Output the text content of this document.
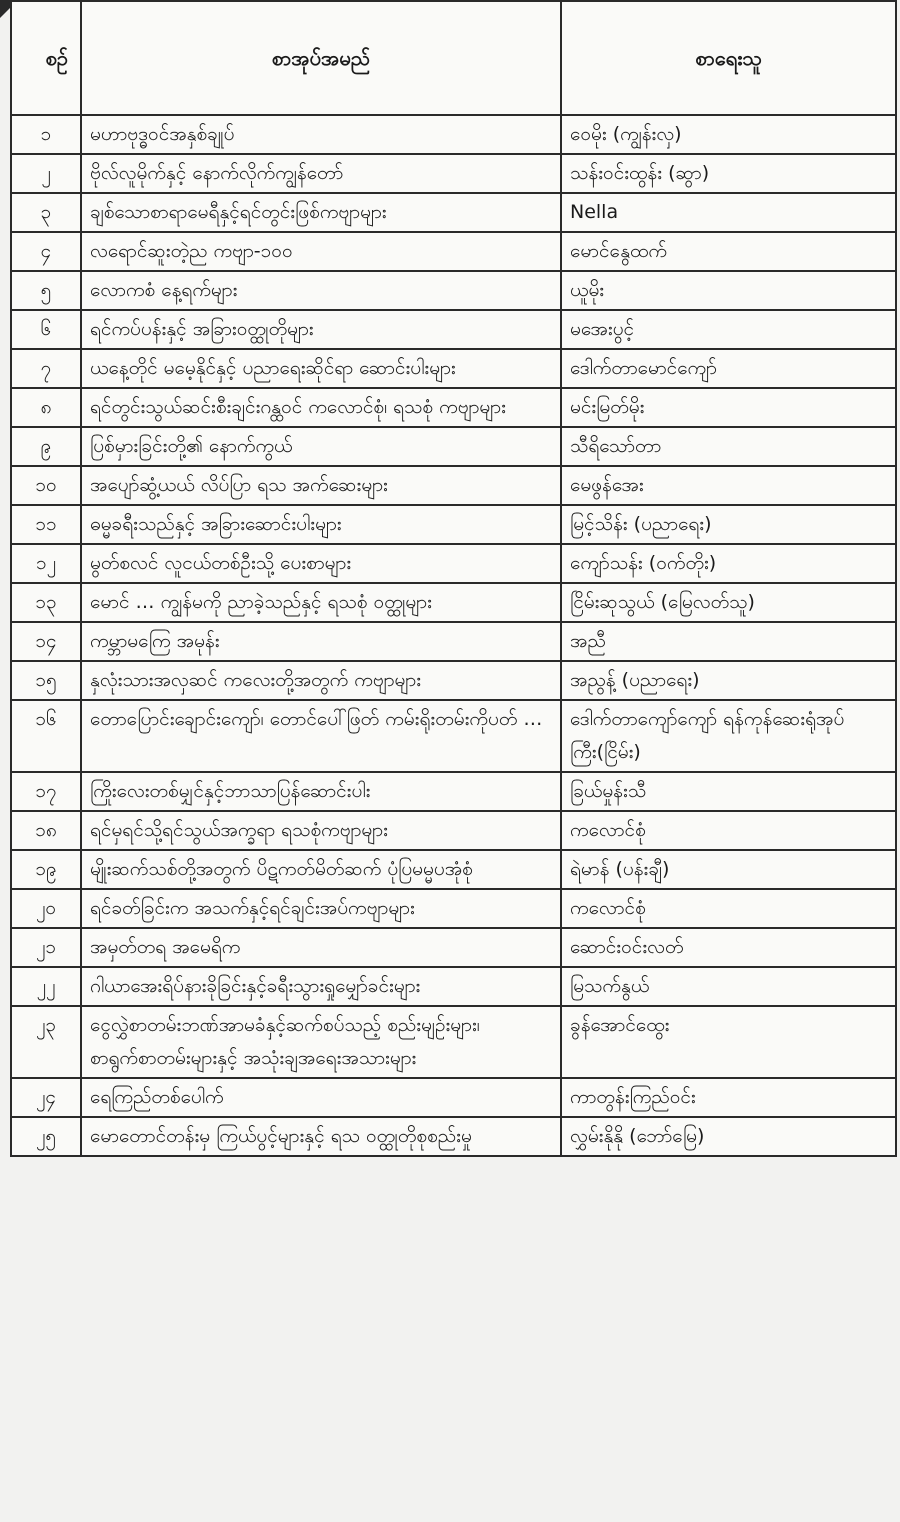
စဉ်	စာအုပ်အမည်	စာရေးသူ
၁	မဟာဗုဒ္ဓဝင်အနှစ်ချုပ်	ဝေမိုး (ကျွန်းလှ)
၂	ဗိုလ်လူမိုက်နှင့် နောက်လိုက်ကျွန်တော်	သန်းဝင်းထွန်း (ဆွာ)
၃	ချစ်သောစာရာမေရီနှင့်ရင်တွင်းဖြစ်ကဗျာများ	Nella
၄	လရောင်ဆူးတဲ့ည ကဗျာ-၁၀၀	မောင်နွေထက်
၅	လောကစံ နေ့ရက်များ	ယူမိုး
၆	ရင်ကပ်ပန်းနှင့် အခြားဝတ္ထုတိုများ	မအေးပွင့်
၇	ယနေ့တိုင် မမေ့နိုင်နှင့် ပညာရေးဆိုင်ရာ ဆောင်းပါးများ	ဒေါက်တာမောင်ကျော်
၈	ရင်တွင်းသွယ်ဆင်းစီးချင်းဂန္ထဝင် ကလောင်စုံ၊ ရသစုံ ကဗျာများ	မင်းမြတ်မိုး
၉	ပြစ်မှားခြင်းတို့၏ နောက်ကွယ်	သီရိသော်တာ
၁၀	အပျော်ဆွံ့ယယ် လိပ်ပြာ ရသ အက်ဆေးများ	မေဖွန်အေး
၁၁	ဓမ္မခရီးသည်နှင့် အခြားဆောင်းပါးများ	မြင့်သိန်း (ပညာရေး)
၁၂	မွတ်စလင် လူငယ်တစ်ဦးသို့ ပေးစာများ	ကျော်သန်း (ဝက်တိုး)
၁၃	မောင် … ကျွန်မကို ညာခဲ့သည်နှင့် ရသစုံ ဝတ္ထုများ	ငြိမ်းဆုသွယ် (မြေလတ်သူ)
၁၄	ကမ္ဘာမကြေ အမုန်း	အညီ
၁၅	နှလုံးသားအလှဆင် ကလေးတို့အတွက် ကဗျာများ	အညွန့် (ပညာရေး)
၁၆	တောပြောင်းချောင်းကျော်၊ တောင်ပေါ်ဖြတ် ကမ်းရိုးတမ်းကိုပတ် …	ဒေါက်တာကျော်ကျော် ရန်ကုန်ဆေးရုံအုပ်ကြီး(ငြိမ်း)
၁၇	ကြိုးလေးတစ်မျှင်နှင့်ဘာသာပြန်ဆောင်းပါး	ခြယ်မှုန်းသီ
၁၈	ရင်မှရင်သို့ရင်သွယ်အက္ခရာ ရသစုံကဗျာများ	ကလောင်စုံ
၁၉	မျိုးဆက်သစ်တို့အတွက် ပိဋကတ်မိတ်ဆက် ပုံပြမမ္မပအုံစုံ	ရဲမာန် (ပန်းချီ)
၂၀	ရင်ခတ်ခြင်းက အသက်နှင့်ရင်ချင်းအပ်ကဗျာများ	ကလောင်စုံ
၂၁	အမှတ်တရ အမေရိက	ဆောင်းဝင်းလတ်
၂၂	ဂါယာအေးရိပ်နားခိုခြင်းနှင့်ခရီးသွားရှုမျှော်ခင်းများ	မြသက်နွယ်
၂၃	ငွေလွှဲစာတမ်းဘဏ်အာမခံနှင့်ဆက်စပ်သည့် စည်းမျဉ်းများ၊ စာရွက်စာတမ်းများနှင့် အသုံးချအရေးအသားများ	ခွန်အောင်ထွေး
၂၄	ရေကြည်တစ်ပေါက်	ကာတွန်းကြည်ဝင်း
၂၅	မောတောင်တန်းမှ ကြယ်ပွင့်များနှင့် ရသ ဝတ္ထုတိုစုစည်းမှု	လွှမ်းနိုနို (ဘော်မြေ)
